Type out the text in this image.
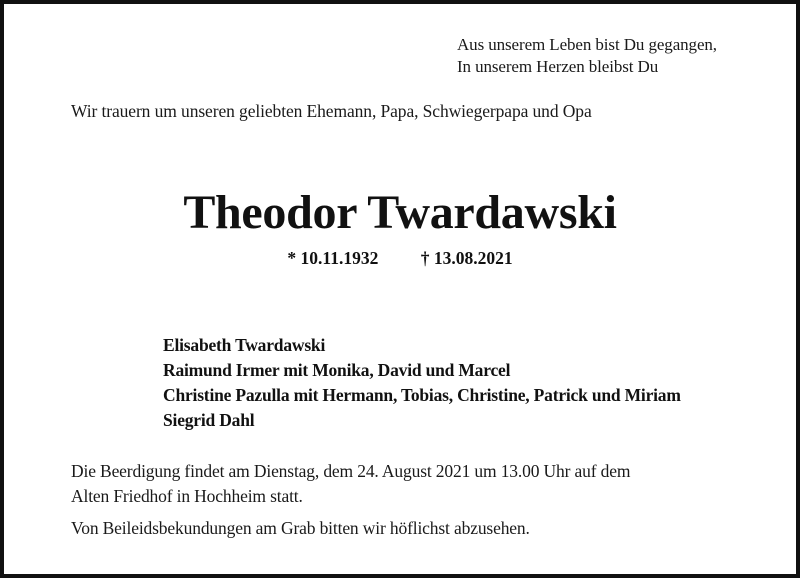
Aus unserem Leben bist Du gegangen,
In unserem Herzen bleibst Du
Wir trauern um unseren geliebten Ehemann, Papa, Schwiegerpapa und Opa
Theodor Twardawski
* 10.11.1932 † 13.08.2021
Elisabeth Twardawski
Raimund Irmer mit Monika, David und Marcel
Christine Pazulla mit Hermann, Tobias, Christine, Patrick und Miriam
Siegrid Dahl
Die Beerdigung findet am Dienstag, dem 24. August 2021 um 13.00 Uhr auf dem
Alten Friedhof in Hochheim statt.
Von Beileidsbekundungen am Grab bitten wir höflichst abzusehen.
